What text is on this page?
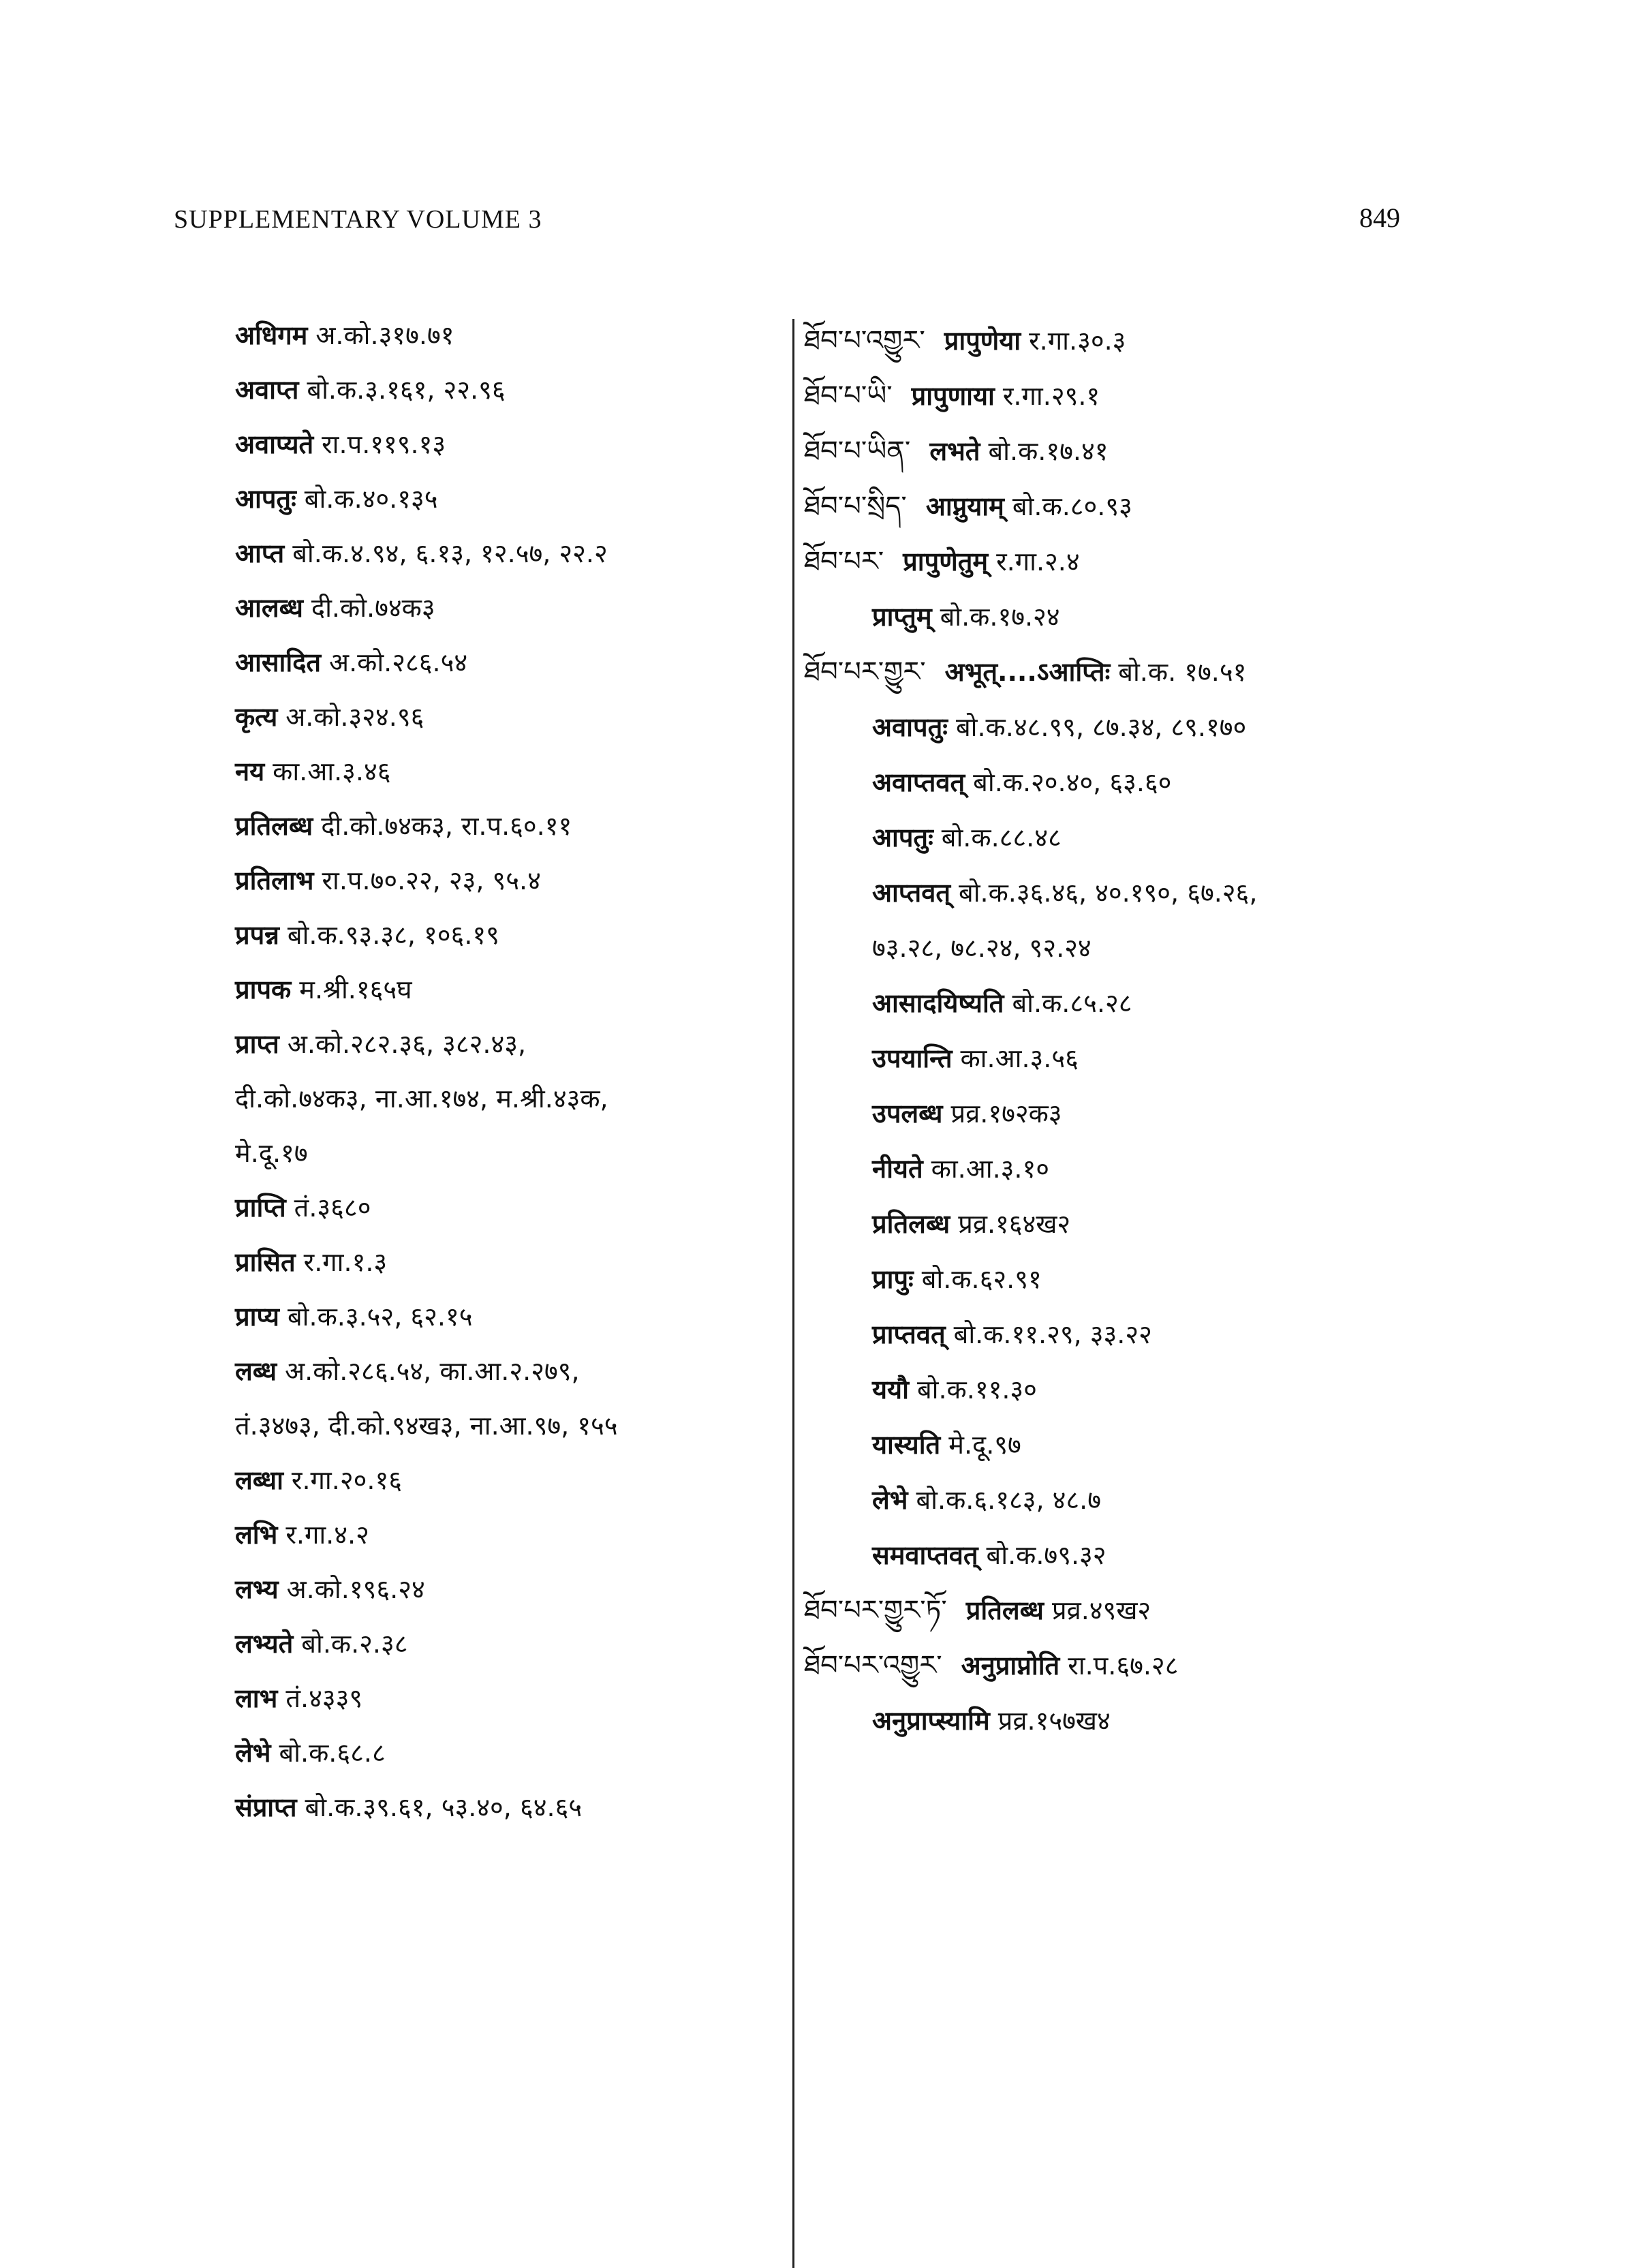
SUPPLEMENTARY VOLUME 3	849
अधिगम अ.को.३१७.७१
अवाप्त बो.क.३.१६१, २२.९६
अवाप्यते रा.प.११९.१३
आपतुः बो.क.४०.१३५
आप्त बो.क.४.९४, ६.१३, १२.५७, २२.२
आलब्ध दी.को.७४क३
आसादित अ.को.२८६.५४
कृत्य अ.को.३२४.९६
नय का.आ.३.४६
प्रतिलब्ध दी.को.७४क३, रा.प.६०.११
प्रतिलाभ रा.प.७०.२२, २३, ९५.४
प्रपन्न बो.क.९३.३८, १०६.१९
प्रापक म.श्री.१६५घ
प्राप्त अ.को.२८२.३६, ३८२.४३,
दी.को.७४क३, ना.आ.१७४, म.श्री.४३क,
मे.दू.१७
प्राप्ति तं.३६८०
प्रासित र.गा.१.३
प्राप्य बो.क.३.५२, ६२.१५
लब्ध अ.को.२८६.५४, का.आ.२.२७९,
तं.३४७३, दी.को.९४ख३, ना.आ.९७, १५५
लब्धा र.गा.२०.१६
लभि र.गा.४.२
लभ्य अ.को.१९६.२४
लभ्यते बो.क.२.३८
लाभ तं.४३३९
लेभे बो.क.६८.८
संप्राप्त बो.क.३९.६१, ५३.४०, ६४.६५
ཐོབ་པ་འགྱུར་ प्रापुणेया र.गा.३०.३
ཐོབ་པ་ཡི་ प्रापुणाया र.गा.२९.१
ཐོབ་པ་ཡིན་ लभते बो.क.१७.४१
ཐོབ་པ་སྲིད་ आप्नुयाम् बो.क.८०.९३
ཐོབ་པར་ प्रापुणेतुम् र.गा.२.४
प्राप्तुम् बो.क.१७.२४
ཐོབ་པར་གྱུར་ अभूत्....ऽआप्तिः बो.क. १७.५१
अवापतुः बो.क.४८.९९, ८७.३४, ८९.१७०
अवाप्तवत् बो.क.२०.४०, ६३.६०
आपतुः बो.क.८८.४८
आप्तवत् बो.क.३६.४६, ४०.१९०, ६७.२६,
७३.२८, ७८.२४, ९२.२४
आसादयिष्यति बो.क.८५.२८
उपयान्ति का.आ.३.५६
उपलब्ध प्रव्र.१७२क३
नीयते का.आ.३.१०
प्रतिलब्ध प्रव्र.१६४ख२
प्रापुः बो.क.६२.९१
प्राप्तवत् बो.क.११.२९, ३३.२२
ययौ बो.क.११.३०
यास्यति मे.दू.९७
लेभे बो.क.६.१८३, ४८.७
समवाप्तवत् बो.क.७९.३२
ཐོབ་པར་གྱུར་ཏོ་ प्रतिलब्ध प्रव्र.४९ख२
ཐོབ་པར་འགྱུར་ अनुप्राप्नोति रा.प.६७.२८
अनुप्राप्स्यामि प्रव्र.१५७ख४
